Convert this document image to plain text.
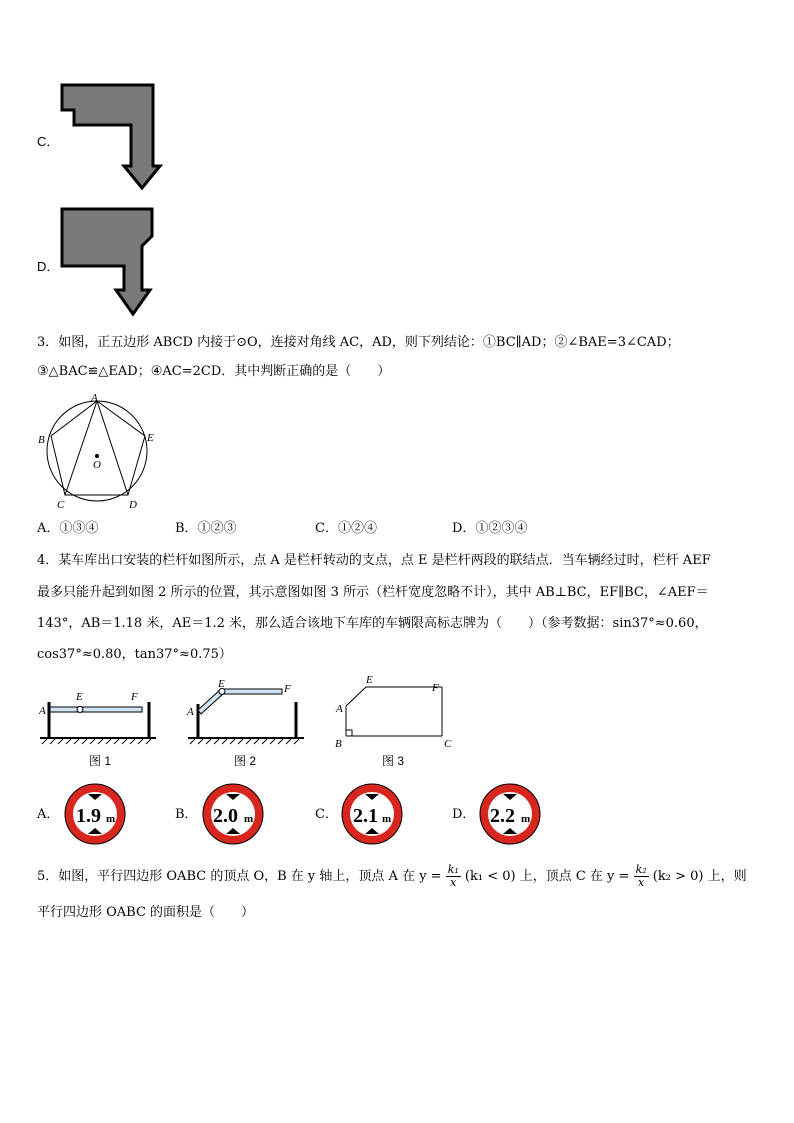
C．
D．
3．如图，正五边形 ABCD 内接于⊙O，连接对角线 AC，AD，则下列结论：①BC∥AD；②∠BAE=3∠CAD；
③△BAC≌△EAD；④AC=2CD．其中判断正确的是（　　）
A
B
C	D
E
O
A．①③④	B．①②③	C．①②④	D．①②③④
4．某车库出口安装的栏杆如图所示，点 A 是栏杆转动的支点，点 E 是栏杆两段的联结点．当车辆经过时，栏杆 AEF
最多只能升起到如图 2 所示的位置，其示意图如图 3 所示（栏杆宽度忽略不计），其中 AB⊥BC，EF∥BC，∠AEF＝
143°，AB＝1.18 米，AE＝1.2 米，那么适合该地下车库的车辆限高标志牌为（　　）（参考数据：sin37°≈0.60，
cos37°≈0.80，tan37°≈0.75）
A
E	F
图 1
A
E	F
图 2
A
E
F
B	C
图 3
A． 1.9 m	B． 2.0 m	C． 2.1 m	D． 2.2 m
5．如图，平行四边形 OABC 的顶点 O，B 在 y 轴上，顶点 A 在 $y = \frac{\text{k₁}}{x} (k_1 < 0)$ 上，顶点 C 在 $y = \frac{\text{k₂}}{x} (k_2 > 0)$ 上，则
平行四边形 OABC 的面积是（　　）
